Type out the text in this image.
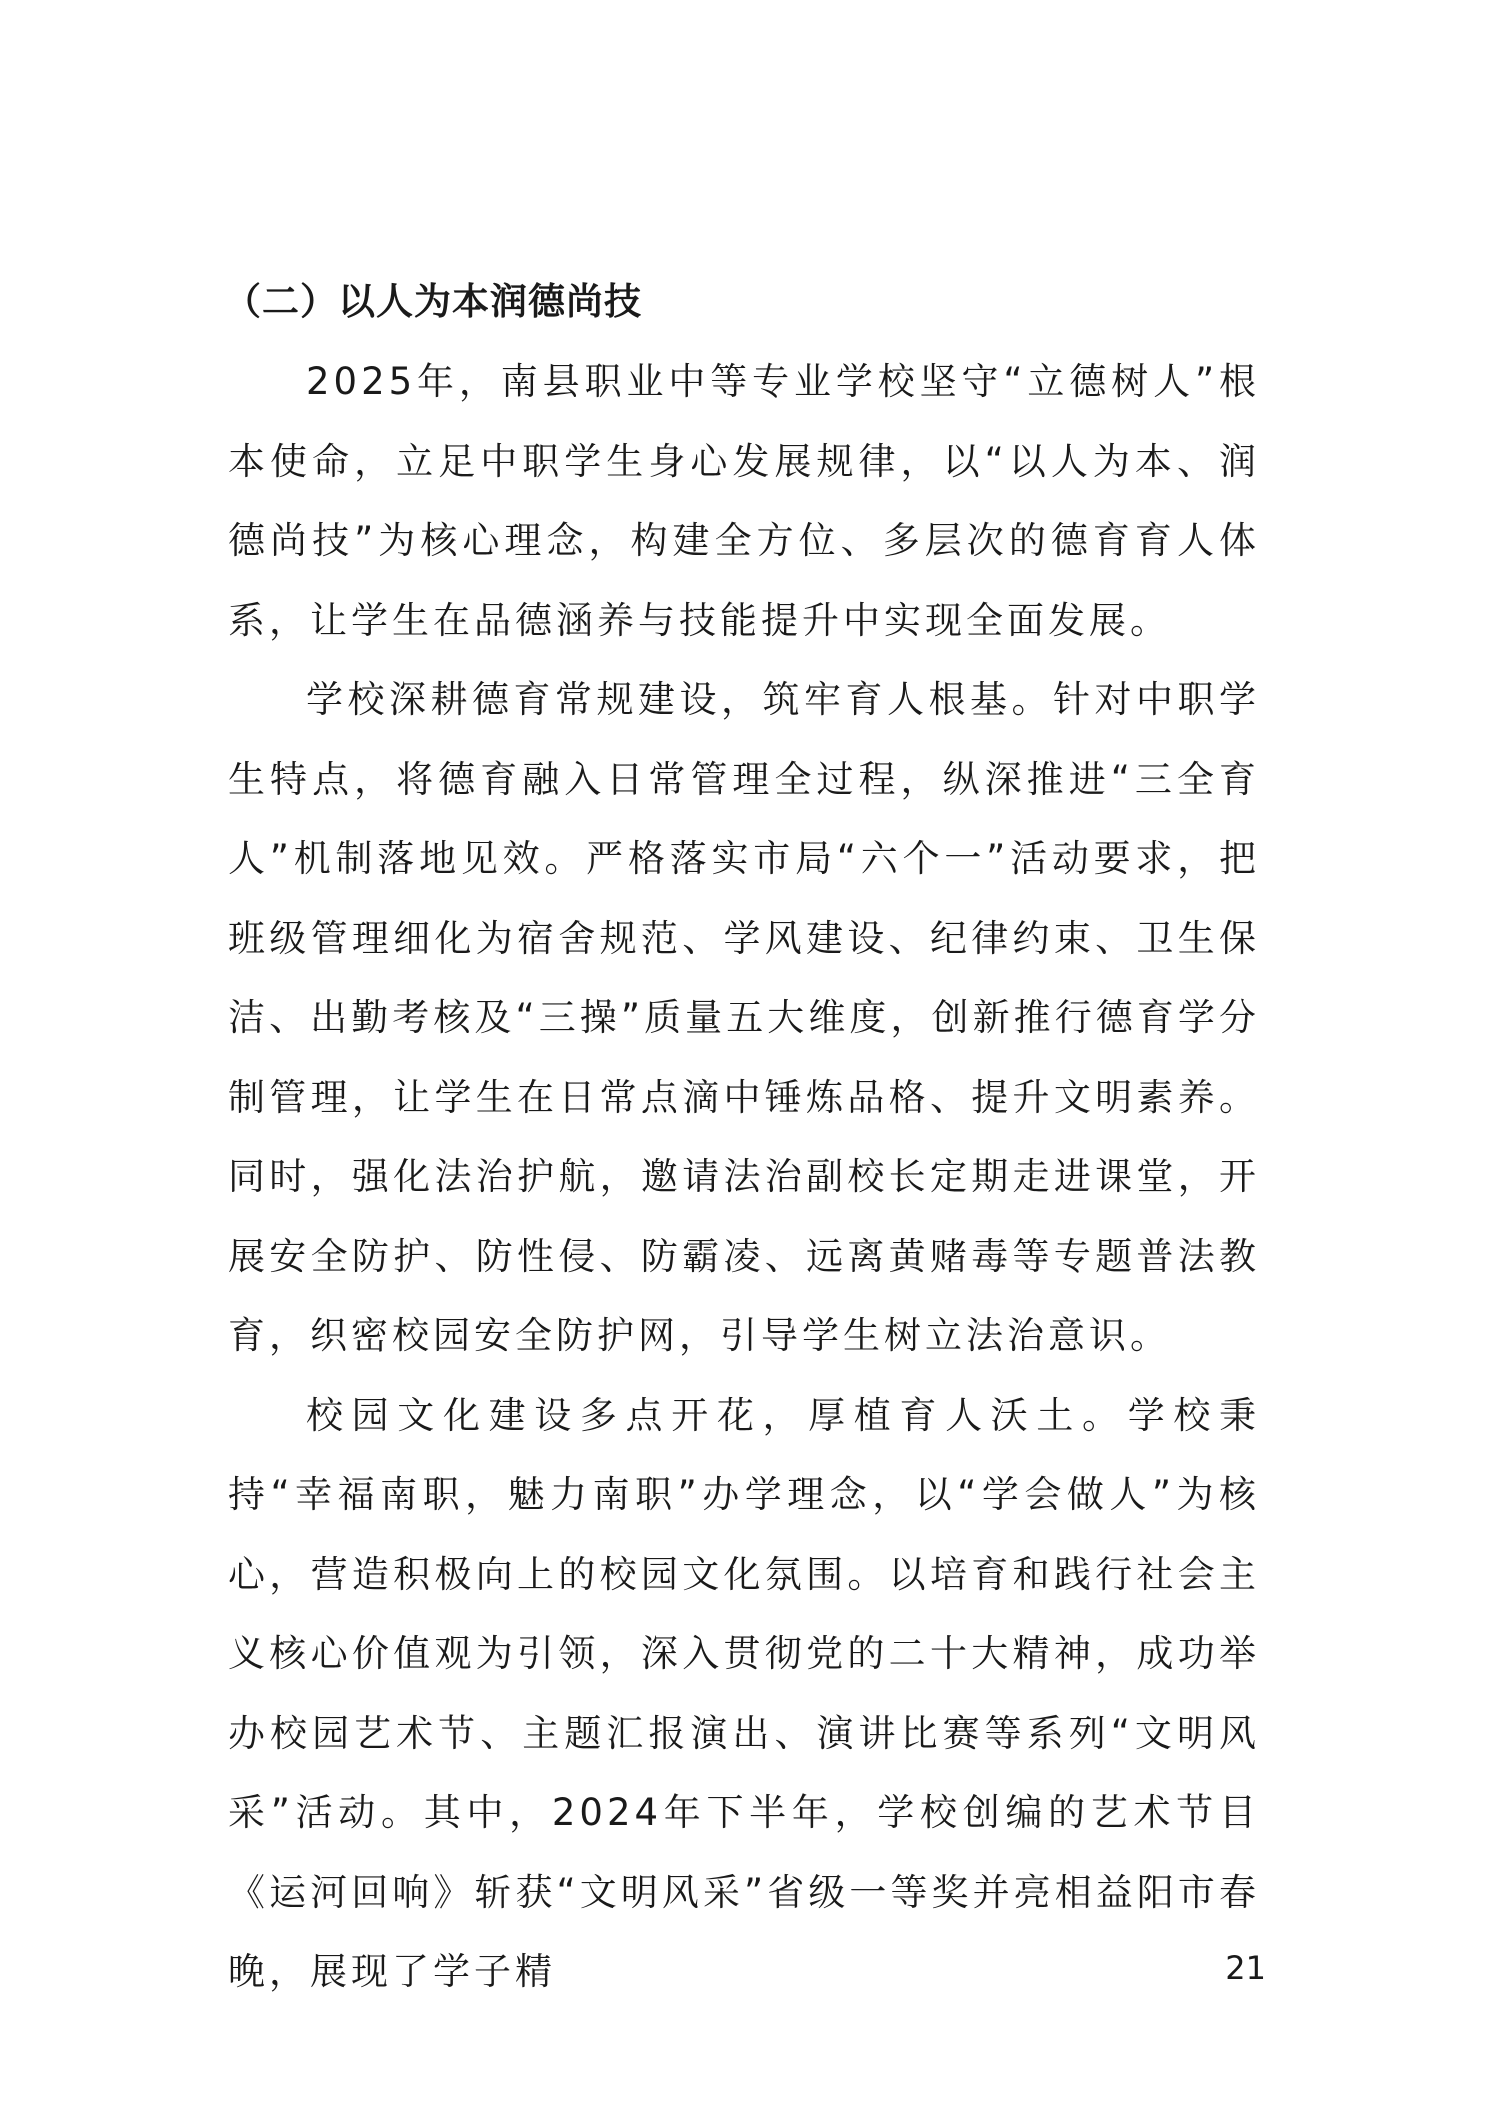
（二）以人为本润德尚技

2025年，南县职业中等专业学校坚守“立德树人”根本使命，立足中职学生身心发展规律，以“以人为本、润德尚技”为核心理念，构建全方位、多层次的德育育人体系，让学生在品德涵养与技能提升中实现全面发展。

学校深耕德育常规建设，筑牢育人根基。针对中职学生特点，将德育融入日常管理全过程，纵深推进“三全育人”机制落地见效。严格落实市局“六个一”活动要求，把班级管理细化为宿舍规范、学风建设、纪律约束、卫生保洁、出勤考核及“三操”质量五大维度，创新推行德育学分制管理，让学生在日常点滴中锤炼品格、提升文明素养。同时，强化法治护航，邀请法治副校长定期走进课堂，开展安全防护、防性侵、防霸凌、远离黄赌毒等专题普法教育，织密校园安全防护网，引导学生树立法治意识。

校园文化建设多点开花，厚植育人沃土。学校秉持“幸福南职，魅力南职”办学理念，以“学会做人”为核心，营造积极向上的校园文化氛围。以培育和践行社会主义核心价值观为引领，深入贯彻党的二十大精神，成功举办校园艺术节、主题汇报演出、演讲比赛等系列“文明风采”活动。其中，2024年下半年，学校创编的艺术节目《运河回响》斩获“文明风采”省级一等奖并亮相益阳市春晚，展现了学子精	21
